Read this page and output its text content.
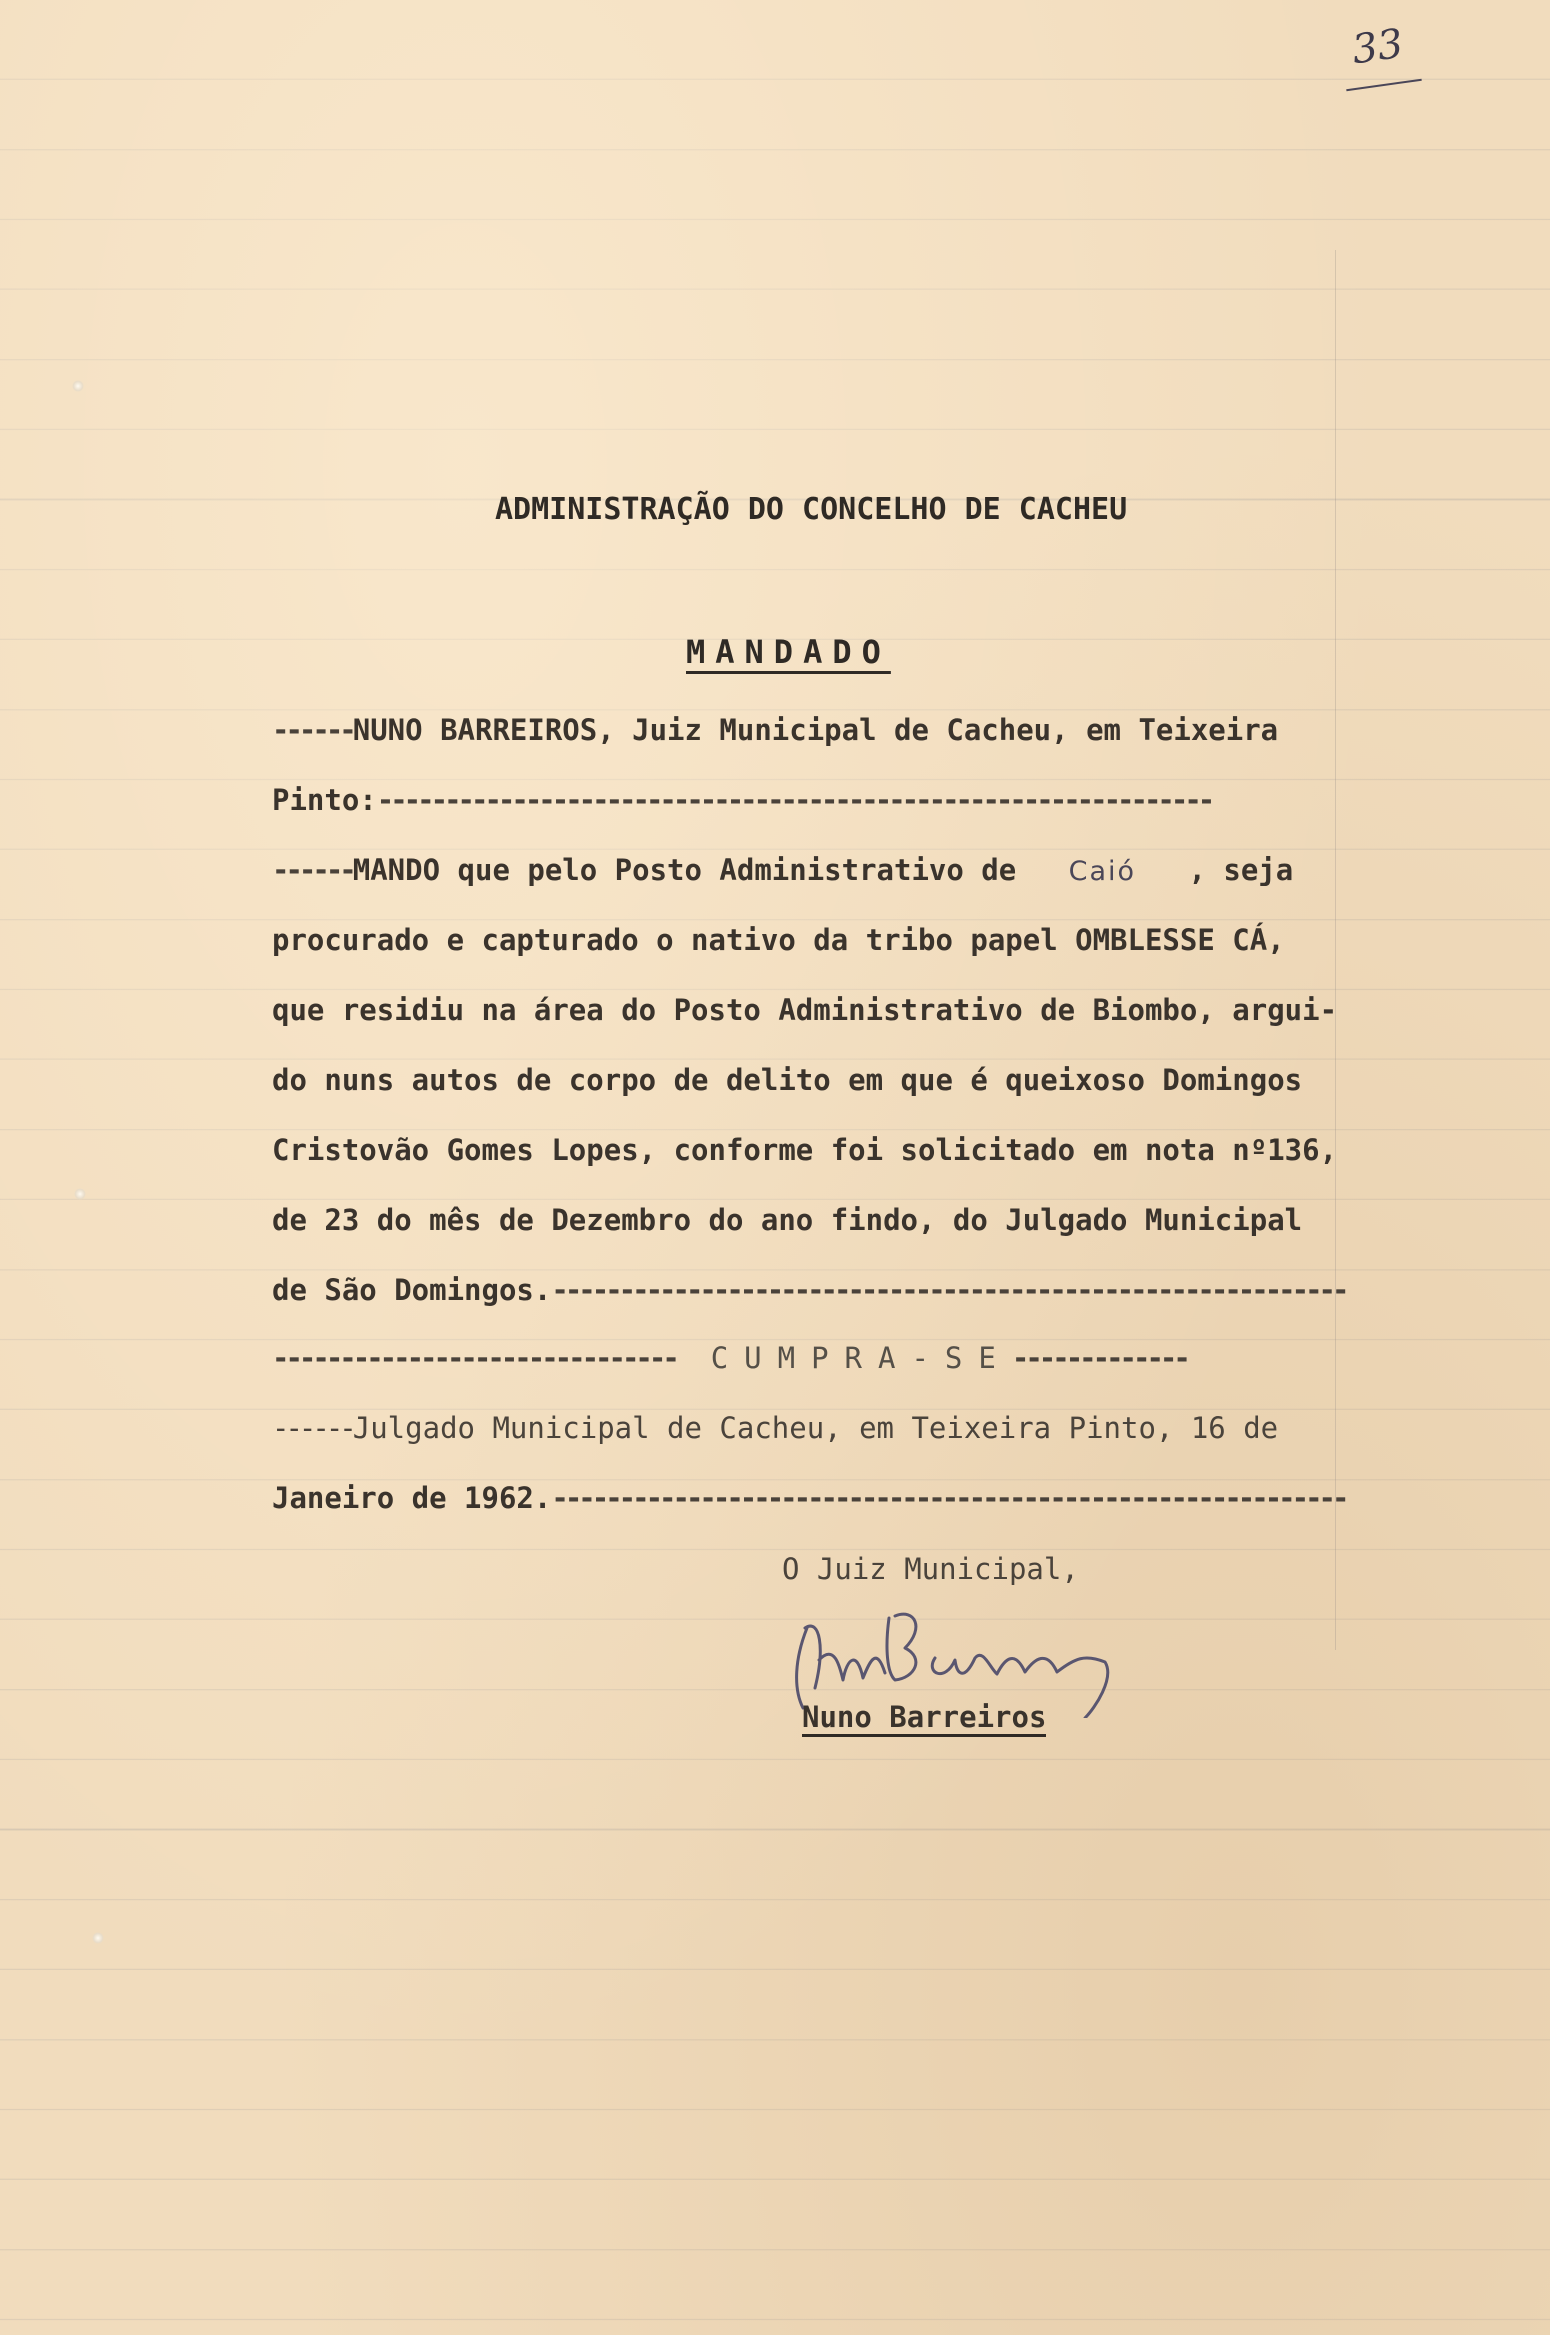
33
ADMINISTRAÇÃO DO CONCELHO DE CACHEU
MANDADO
------NUNO BARREIROS, Juiz Municipal de Cacheu, em Teixeira
Pinto:--------------------------------------------------------------
------MANDO que pelo Posto Administrativo de Caió , seja
procurado e capturado o nativo da tribo papel OMBLESSE CÁ,
que residiu na área do Posto Administrativo de Biombo, argui-
do nuns autos de corpo de delito em que é queixoso Domingos
Cristovão Gomes Lopes, conforme foi solicitado em nota nº136,
de 23 do mês de Dezembro do ano findo, do Julgado Municipal
de São Domingos.-----------------------------------------------------------
------------------------------ CUMPRA-SE-------------
------Julgado Municipal de Cacheu, em Teixeira Pinto, 16 de
Janeiro de 1962.-----------------------------------------------------------
O Juiz Municipal,
Nuno Barreiros
